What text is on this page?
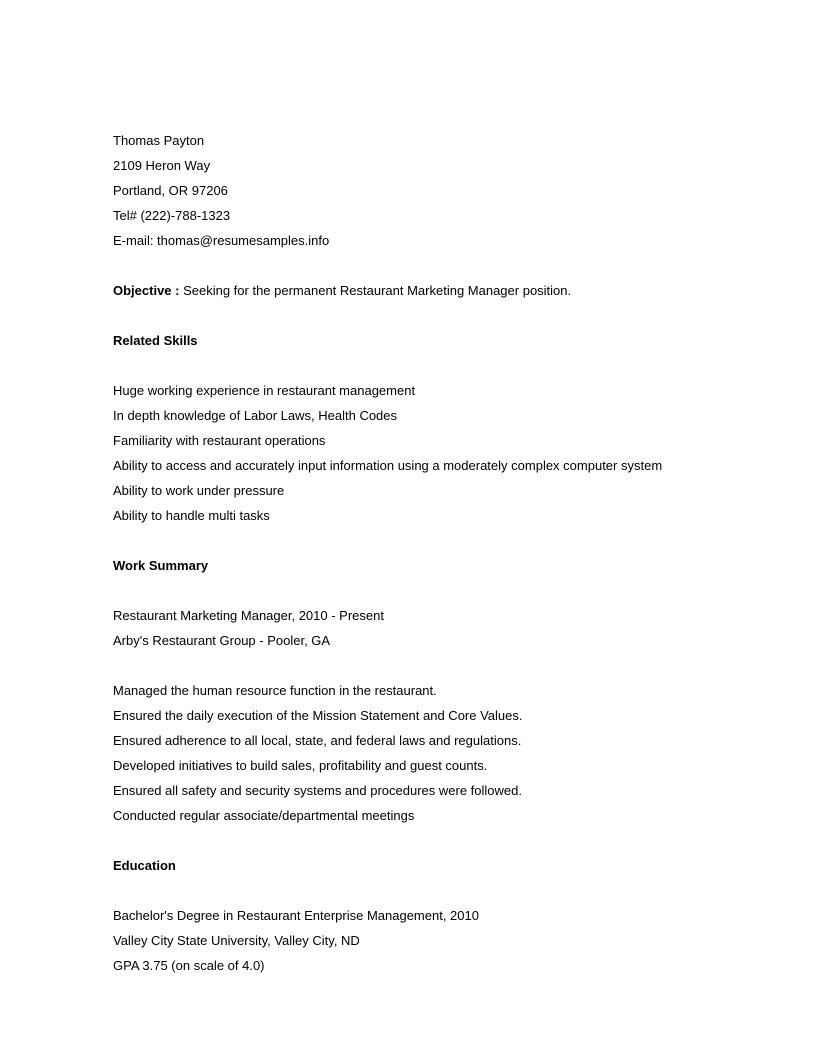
Thomas Payton
2109 Heron Way
Portland, OR 97206
Tel# (222)-788-1323
E-mail: thomas@resumesamples.info
Objective : Seeking for the permanent Restaurant Marketing Manager position.
Related Skills
Huge working experience in restaurant management
In depth knowledge of Labor Laws, Health Codes
Familiarity with restaurant operations
Ability to access and accurately input information using a moderately complex computer system
Ability to work under pressure
Ability to handle multi tasks
Work Summary
Restaurant Marketing Manager, 2010 - Present
Arby's Restaurant Group - Pooler, GA
Managed the human resource function in the restaurant.
Ensured the daily execution of the Mission Statement and Core Values.
Ensured adherence to all local, state, and federal laws and regulations.
Developed initiatives to build sales, profitability and guest counts.
Ensured all safety and security systems and procedures were followed.
Conducted regular associate/departmental meetings
Education
Bachelor's Degree in Restaurant Enterprise Management, 2010
Valley City State University, Valley City, ND
GPA 3.75 (on scale of 4.0)
